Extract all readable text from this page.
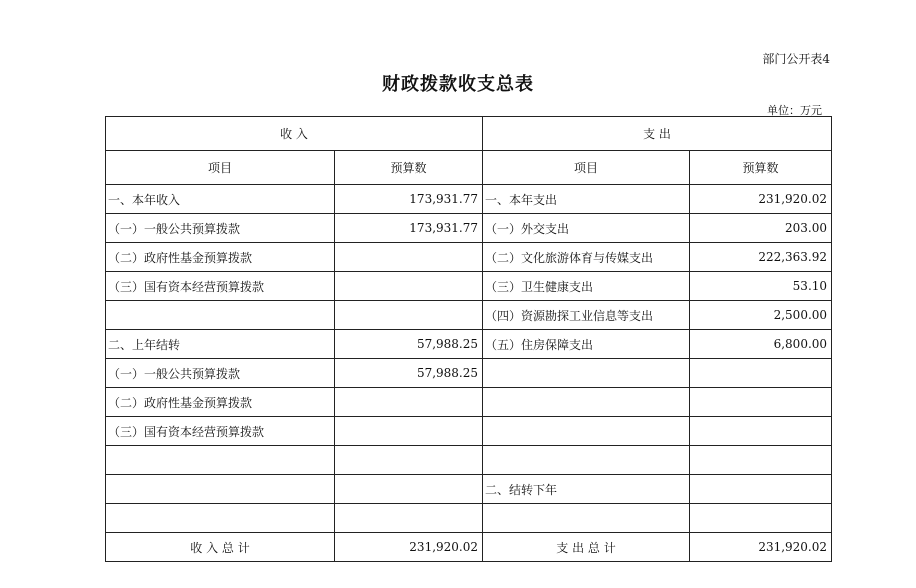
部门公开表4
财政拨款收支总表
单位：万元
收 入		支 出	
项目	预算数	项目	预算数
一、本年收入	173,931.77	一、本年支出	231,920.02
（一）一般公共预算拨款	173,931.77	（一）外交支出	203.00
（二）政府性基金预算拨款		（二）文化旅游体育与传媒支出	222,363.92
（三）国有资本经营预算拨款		（三）卫生健康支出	53.10
		（四）资源勘探工业信息等支出	2,500.00
二、上年结转	57,988.25	（五）住房保障支出	6,800.00
（一）一般公共预算拨款	57,988.25		
（二）政府性基金预算拨款			
（三）国有资本经营预算拨款			

		二、结转下年	

收 入 总 计	231,920.02	支 出 总 计	231,920.02
